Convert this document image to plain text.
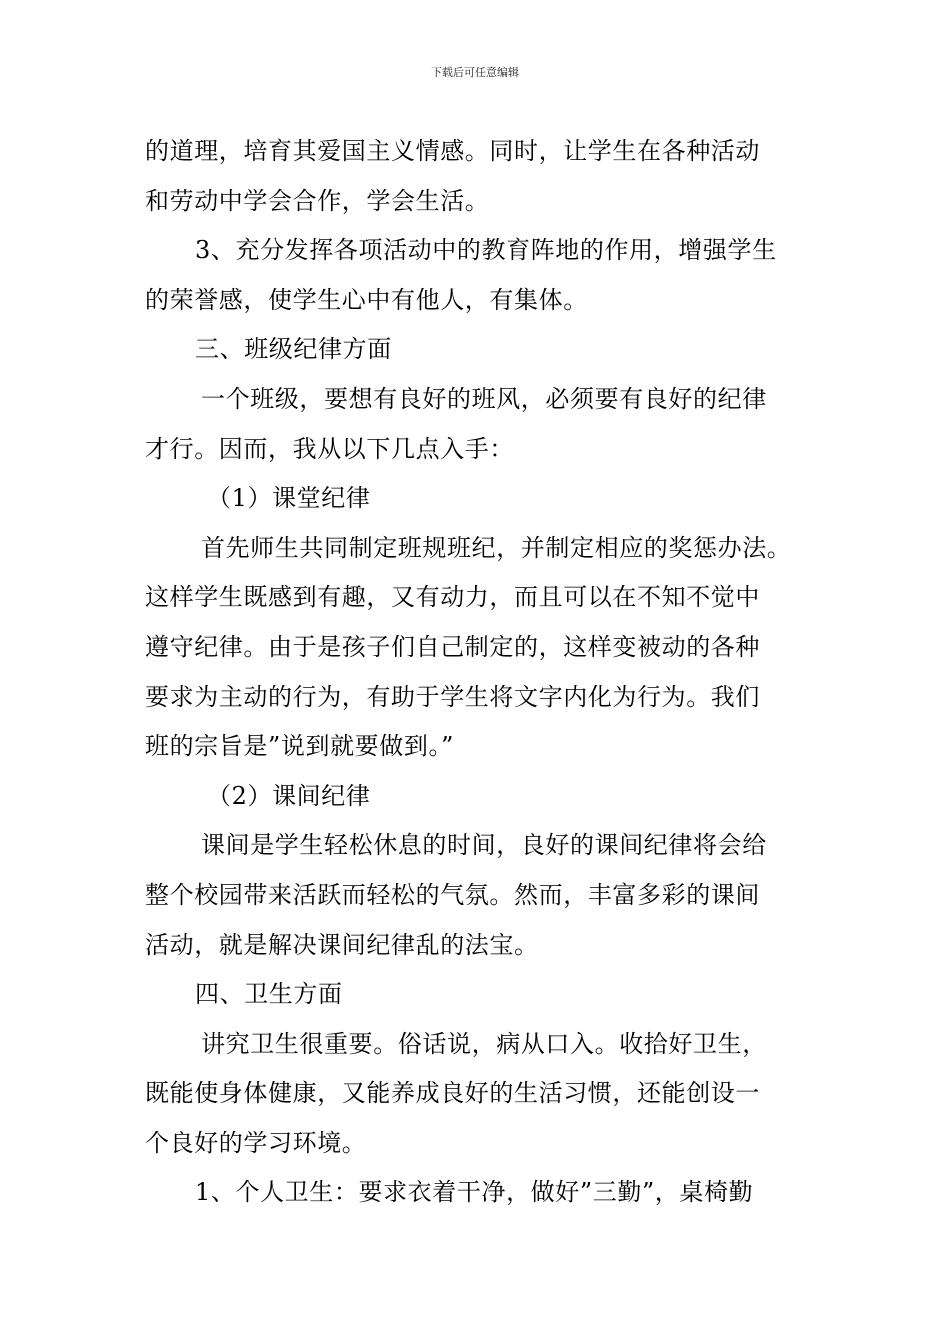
下载后可任意编辑
的道理，培育其爱国主义情感。同时，让学生在各种活动
和劳动中学会合作，学会生活。
3、充分发挥各项活动中的教育阵地的作用，增强学生
的荣誉感，使学生心中有他人，有集体。
三、班级纪律方面
一个班级，要想有良好的班风，必须要有良好的纪律
才行。因而，我从以下几点入手：
（1）课堂纪律
首先师生共同制定班规班纪，并制定相应的奖惩办法。
这样学生既感到有趣，又有动力，而且可以在不知不觉中
遵守纪律。由于是孩子们自己制定的，这样变被动的各种
要求为主动的行为，有助于学生将文字内化为行为。我们
班的宗旨是”说到就要做到。”
（2）课间纪律
课间是学生轻松休息的时间，良好的课间纪律将会给
整个校园带来活跃而轻松的气氛。然而，丰富多彩的课间
活动，就是解决课间纪律乱的法宝。
四、卫生方面
讲究卫生很重要。俗话说，病从口入。收拾好卫生，
既能使身体健康，又能养成良好的生活习惯，还能创设一
个良好的学习环境。
1、个人卫生：要求衣着干净，做好”三勤”，桌椅勤
